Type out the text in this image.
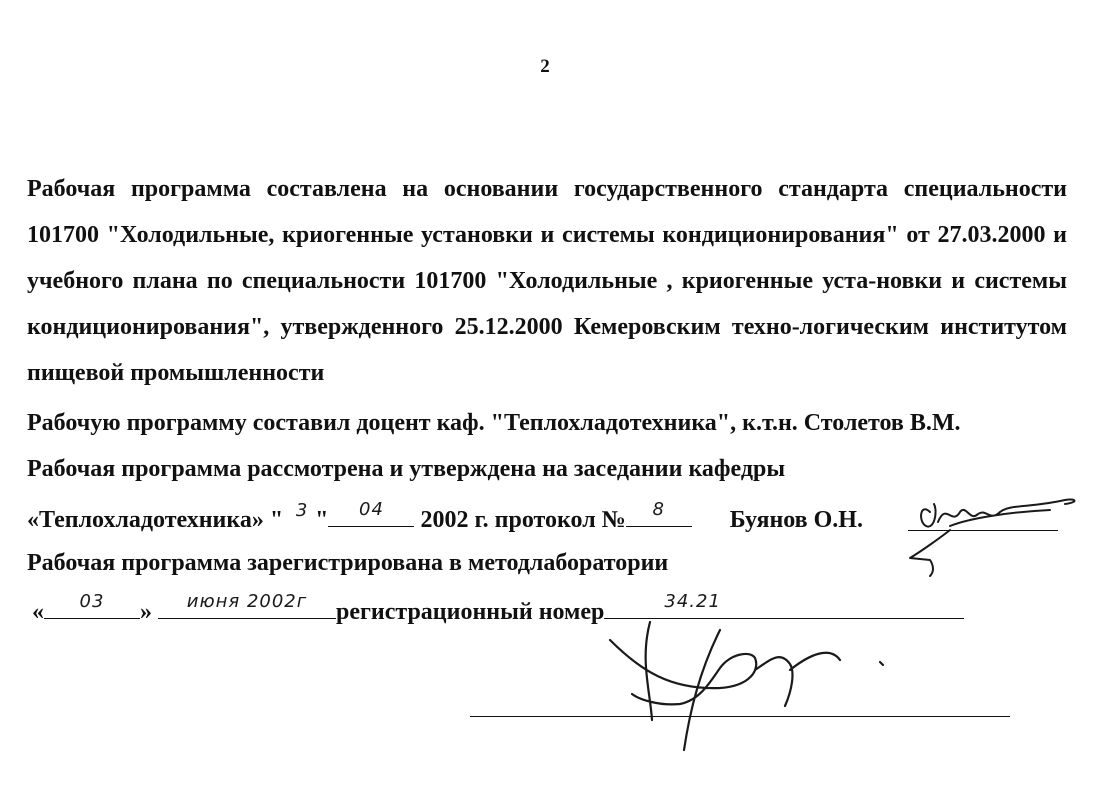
2
Рабочая программа составлена на основании государственного стандарта специальности 101700 "Холодильные, криогенные установки и системы кондиционирования" от 27.03.2000 и учебного плана по специальности 101700 "Холодильные , криогенные уста-новки и системы кондиционирования", утвержденного 25.12.2000 Кемеровским техно-логическим институтом пищевой промышленности
Рабочую программу составил доцент каф. "Теплохладотехника", к.т.н. Столетов В.М.
Рабочая программа рассмотрена и утверждена на заседании кафедры
«Теплохладотехника» " 3 "	04	2002 г. протокол №	8	Буянов О.Н.
Рабочая программа зарегистрирована в методлаборатории
«	03	»	июня 2002г	регистрационный номер	34.21
